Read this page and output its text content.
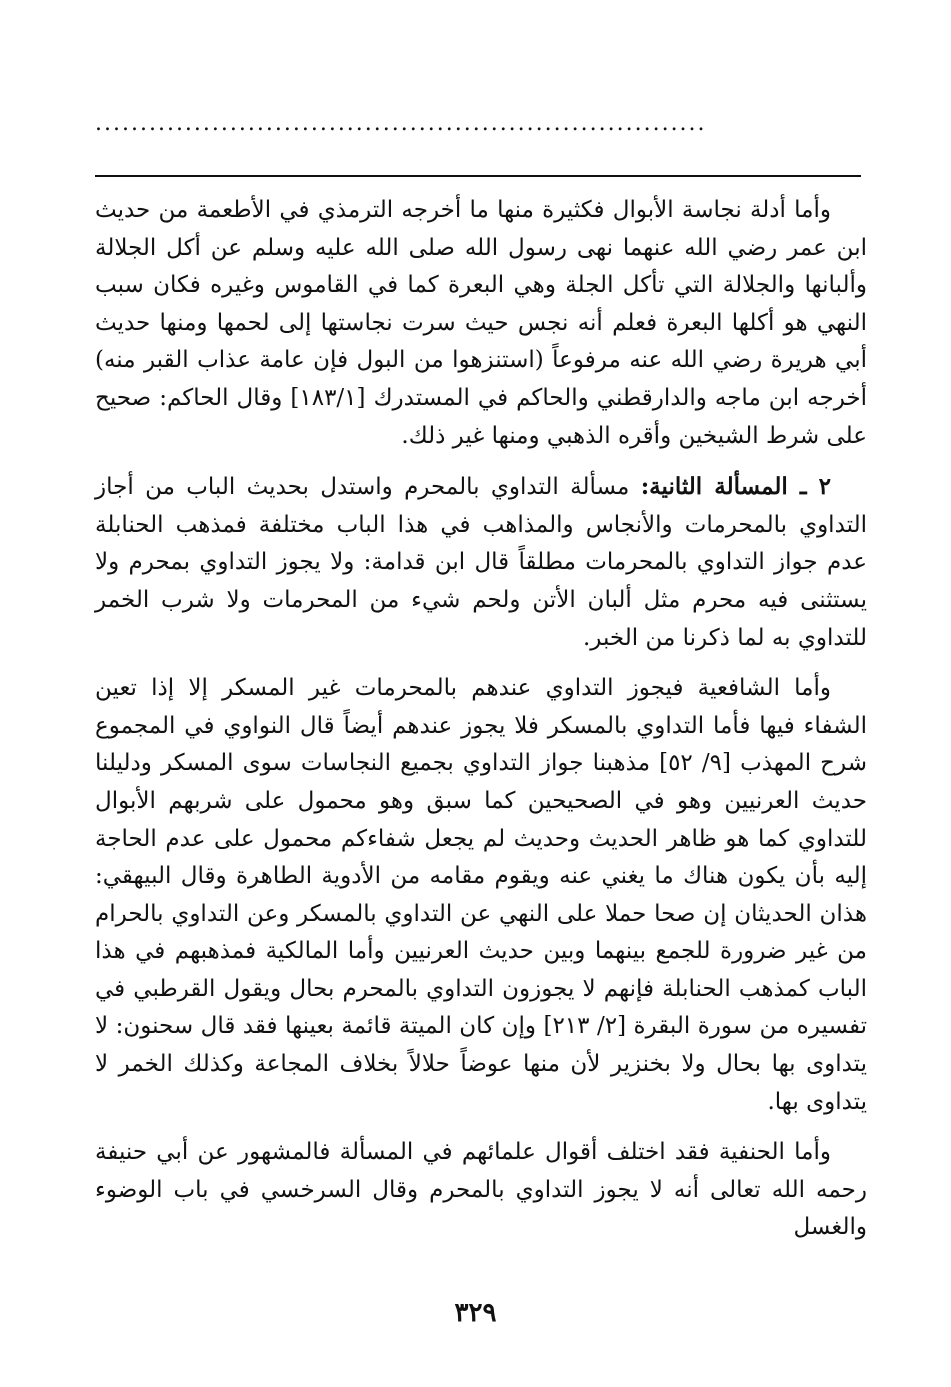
....................................................................

وأما أدلة نجاسة الأبوال فكثيرة منها ما أخرجه الترمذي في الأطعمة من حديث ابن عمر رضي الله عنهما نهى رسول الله صلى الله عليه وسلم عن أكل الجلالة وألبانها والجلالة التي تأكل الجلة وهي البعرة كما في القاموس وغيره فكان سبب النهي هو أكلها البعرة فعلم أنه نجس حيث سرت نجاستها إلى لحمها ومنها حديث أبي هريرة رضي الله عنه مرفوعاً (استنزهوا من البول فإن عامة عذاب القبر منه) أخرجه ابن ماجه والدارقطني والحاكم في المستدرك [١٨٣/١] وقال الحاكم: صحيح على شرط الشيخين وأقره الذهبي ومنها غير ذلك.

٢ ـ المسألة الثانية: مسألة التداوي بالمحرم واستدل بحديث الباب من أجاز التداوي بالمحرمات والأنجاس والمذاهب في هذا الباب مختلفة فمذهب الحنابلة عدم جواز التداوي بالمحرمات مطلقاً قال ابن قدامة: ولا يجوز التداوي بمحرم ولا يستثنى فيه محرم مثل ألبان الأتن ولحم شيء من المحرمات ولا شرب الخمر للتداوي به لما ذكرنا من الخبر.

وأما الشافعية فيجوز التداوي عندهم بالمحرمات غير المسكر إلا إذا تعين الشفاء فيها فأما التداوي بالمسكر فلا يجوز عندهم أيضاً قال النواوي في المجموع شرح المهذب [٩/ ٥٢] مذهبنا جواز التداوي بجميع النجاسات سوى المسكر ودليلنا حديث العرنيين وهو في الصحيحين كما سبق وهو محمول على شربهم الأبوال للتداوي كما هو ظاهر الحديث وحديث لم يجعل شفاءكم محمول على عدم الحاجة إليه بأن يكون هناك ما يغني عنه ويقوم مقامه من الأدوية الطاهرة وقال البيهقي: هذان الحديثان إن صحا حملا على النهي عن التداوي بالمسكر وعن التداوي بالحرام من غير ضرورة للجمع بينهما وبين حديث العرنيين وأما المالكية فمذهبهم في هذا الباب كمذهب الحنابلة فإنهم لا يجوزون التداوي بالمحرم بحال ويقول القرطبي في تفسيره من سورة البقرة [٢/ ٢١٣] وإن كان الميتة قائمة بعينها فقد قال سحنون: لا يتداوى بها بحال ولا بخنزير لأن منها عوضاً حلالاً بخلاف المجاعة وكذلك الخمر لا يتداوى بها.

وأما الحنفية فقد اختلف أقوال علمائهم في المسألة فالمشهور عن أبي حنيفة رحمه الله تعالى أنه لا يجوز التداوي بالمحرم وقال السرخسي في باب الوضوء والغسل

٣٢٩
